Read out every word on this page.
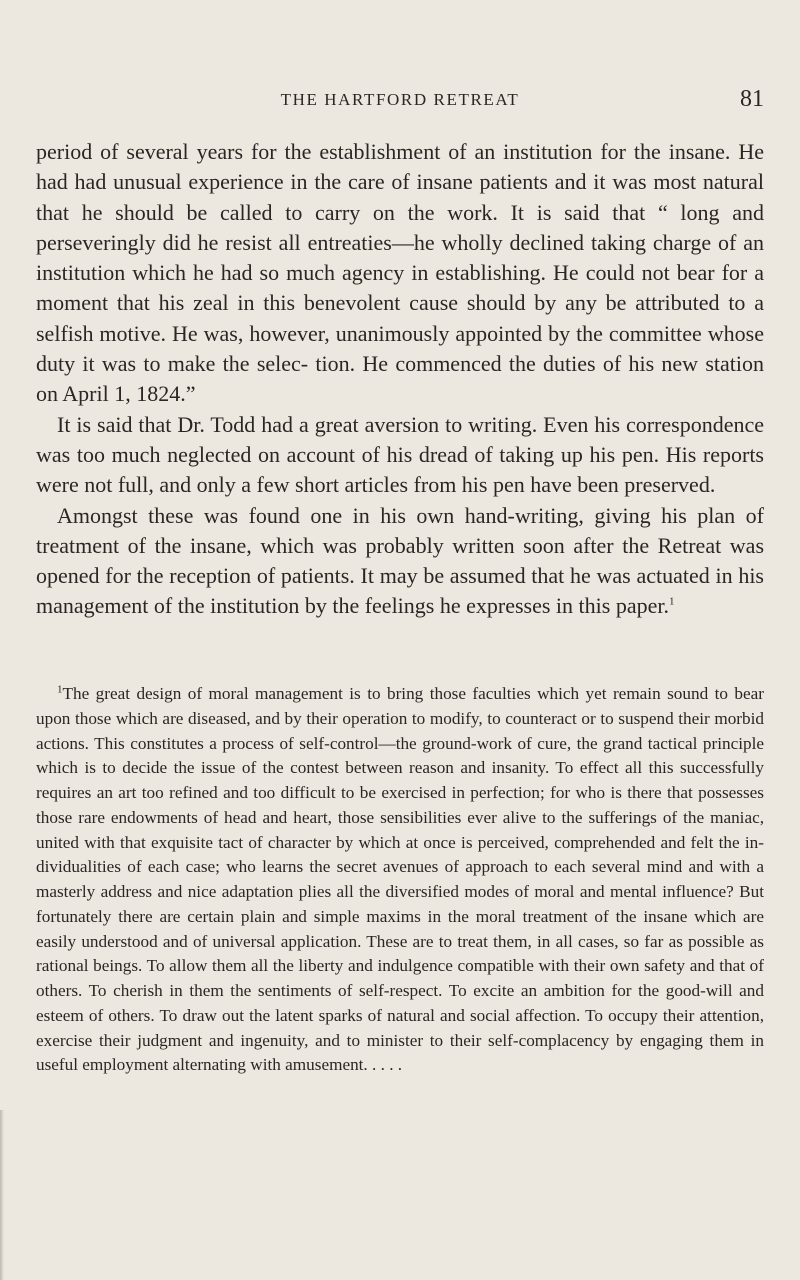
THE HARTFORD RETREAT	81

period of several years for the establishment of an institution for the insane. He had had unusual experience in the care of insane patients and it was most natural that he should be called to carry on the work. It is said that “ long and perseveringly did he resist all entreaties—he wholly declined taking charge of an institution which he had so much agency in establishing. He could not bear for a moment that his zeal in this benevolent cause should by any be attributed to a selfish motive. He was, however, unanimously appointed by the committee whose duty it was to make the selec- tion. He commenced the duties of his new station on April 1, 1824.”

It is said that Dr. Todd had a great aversion to writing. Even his correspondence was too much neglected on account of his dread of taking up his pen. His reports were not full, and only a few short articles from his pen have been preserved.

Amongst these was found one in his own hand-writing, giving his plan of treatment of the insane, which was probably written soon after the Retreat was opened for the reception of patients. It may be assumed that he was actuated in his management of the institution by the feelings he expresses in this paper.$^1$

$^1$The great design of moral management is to bring those faculties which yet remain sound to bear upon those which are diseased, and by their operation to modify, to counteract or to suspend their morbid actions. This constitutes a process of self-control—the ground-work of cure, the grand tactical principle which is to decide the issue of the contest between reason and insanity. To effect all this successfully requires an art too refined and too difficult to be exercised in perfection; for who is there that possesses those rare endowments of head and heart, those sensibilities ever alive to the sufferings of the maniac, united with that exquisite tact of character by which at once is perceived, comprehended and felt the in- dividualities of each case; who learns the secret avenues of approach to each several mind and with a masterly address and nice adaptation plies all the diversified modes of moral and mental influence? But fortunately there are certain plain and simple maxims in the moral treatment of the insane which are easily understood and of universal application. These are to treat them, in all cases, so far as possible as rational beings. To allow them all the liberty and indulgence compatible with their own safety and that of others. To cherish in them the sentiments of self-respect. To excite an ambition for the good-will and esteem of others. To draw out the latent sparks of natural and social affection. To occupy their attention, exercise their judgment and ingenuity, and to minister to their self-complacency by engaging them in useful employment alternating with amusement. . . . .
